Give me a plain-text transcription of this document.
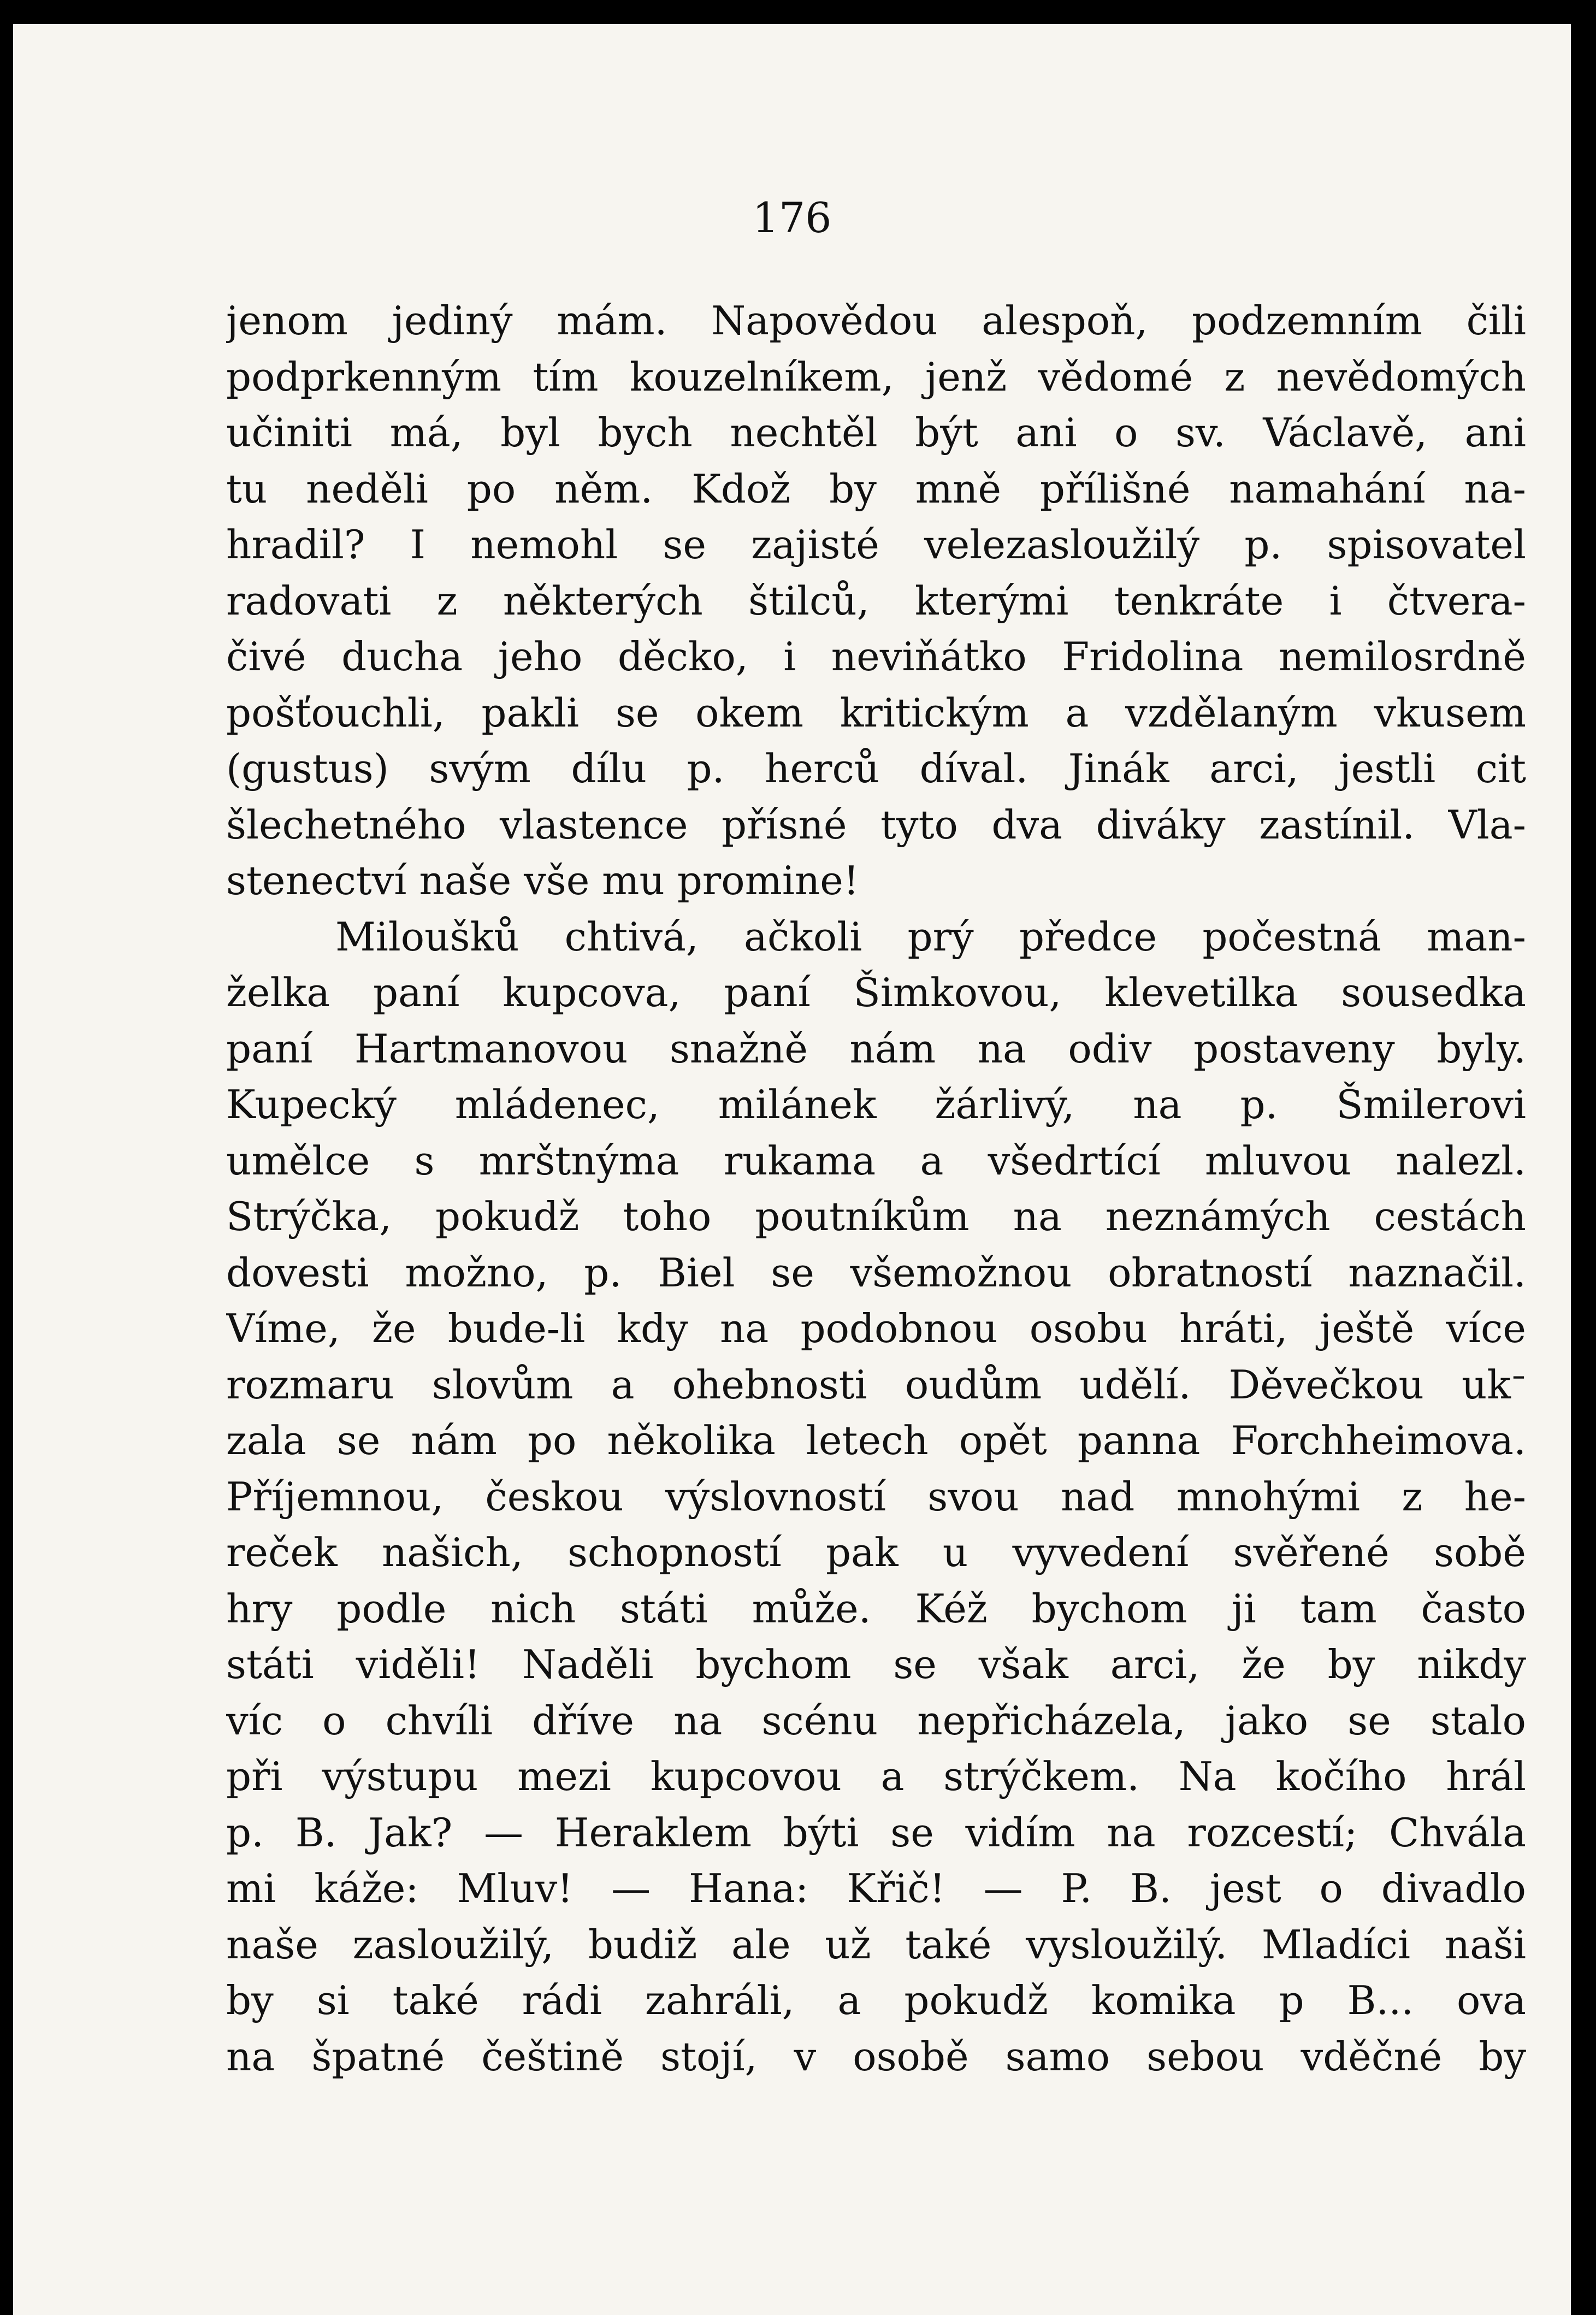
176
jenom jediný mám. Napovědou alespoň, podzemním čili
podprkenným tím kouzelníkem, jenž vědomé z nevědomých
učiniti má, byl bych nechtěl být ani o sv. Václavě, ani
tu neděli po něm. Kdož by mně přílišné namahání na-
hradil? I nemohl se zajisté velezasloužilý p. spisovatel
radovati z některých štilců, kterými tenkráte i čtvera-
čivé ducha jeho děcko, i neviňátko Fridolina nemilosrdně
pošťouchli, pakli se okem kritickým a vzdělaným vkusem
(gustus) svým dílu p. herců díval. Jinák arci, jestli cit
šlechetného vlastence přísné tyto dva diváky zastínil. Vla-
stenectví naše vše mu promine!
Miloušků chtivá, ačkoli prý předce počestná man-
želka paní kupcova, paní Šimkovou, klevetilka sousedka
paní Hartmanovou snažně nám na odiv postaveny byly.
Kupecký mládenec, milánek žárlivý, na p. Šmilerovi
umělce s mrštnýma rukama a všedrtící mluvou nalezl.
Strýčka, pokudž toho poutníkům na neznámých cestách
dovesti možno, p. Biel se všemožnou obratností naznačil.
Víme, že bude-li kdy na podobnou osobu hráti, ještě více
rozmaru slovům a ohebnosti oudům udělí. Děvečkou ukᐨ
zala se nám po několika letech opět panna Forchheimova.
Příjemnou, českou výslovností svou nad mnohými z he-
reček našich, schopností pak u vyvedení svěřené sobě
hry podle nich státi může. Kéž bychom ji tam často
státi viděli! Naděli bychom se však arci, že by nikdy
víc o chvíli dříve na scénu nepřicházela, jako se stalo
při výstupu mezi kupcovou a strýčkem. Na kočího hrál
p. B. Jak? — Heraklem býti se vidím na rozcestí; Chvála
mi káže: Mluv! — Hana: Křič! — P. B. jest o divadlo
naše zasloužilý, budiž ale už také vysloužilý. Mladíci naši
by si také rádi zahráli, a pokudž komika p B... ova
na špatné češtině stojí, v osobě samo sebou vděčné by
